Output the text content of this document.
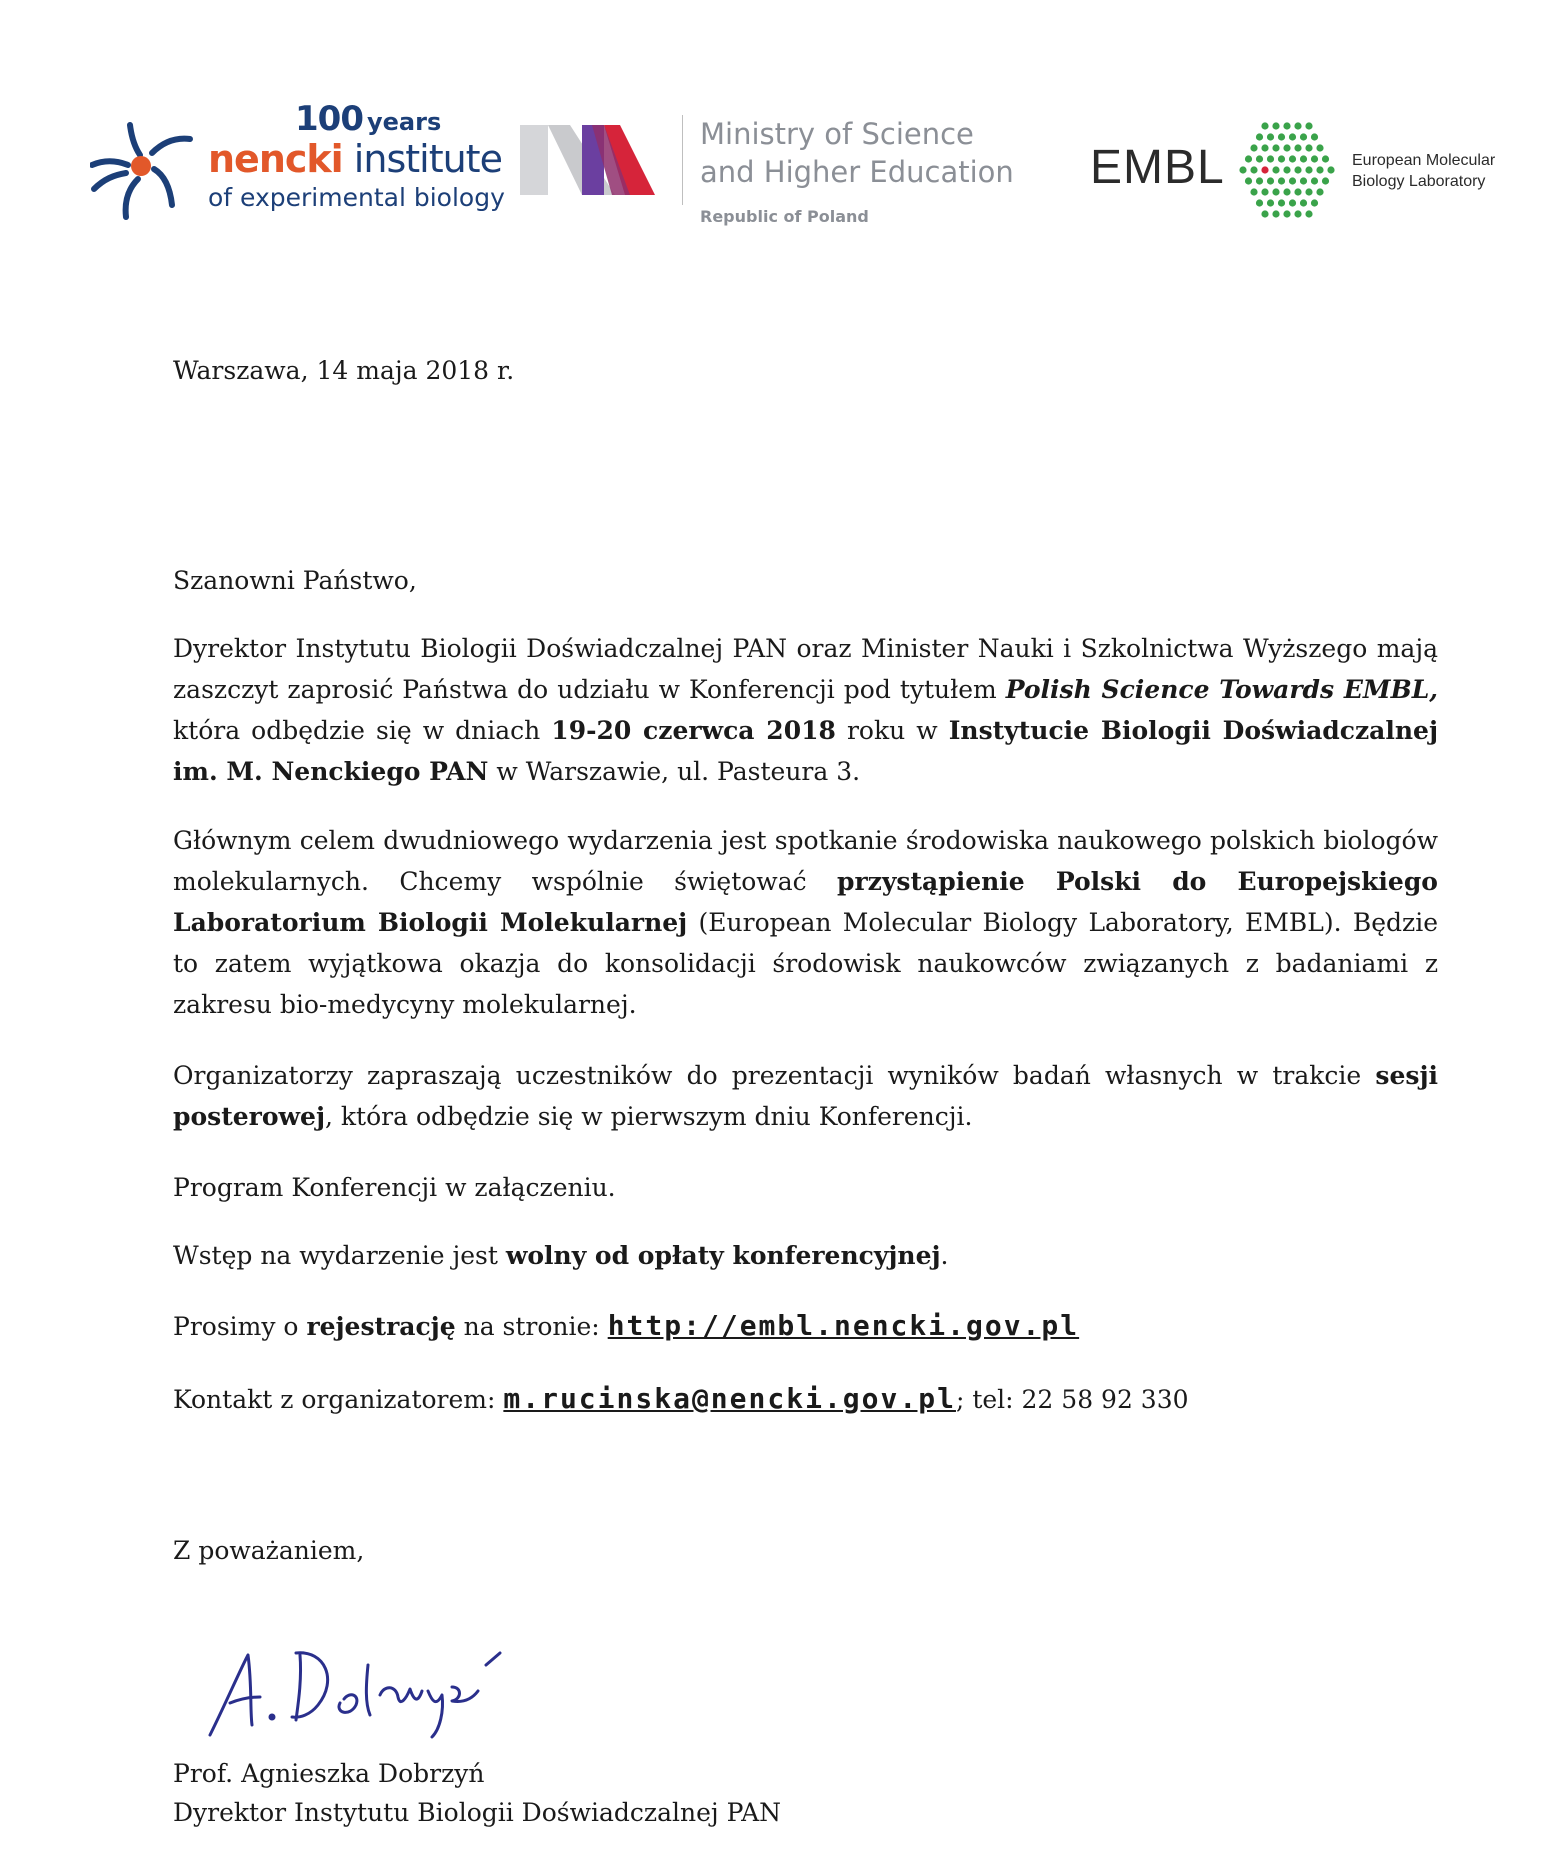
100 years
nencki institute
of experimental biology
Ministry of Science
and Higher Education
Republic of Poland
EMBL	European Molecular
Biology Laboratory
Warszawa, 14 maja 2018 r.
Szanowni Państwo,

Dyrektor Instytutu Biologii Doświadczalnej PAN oraz Minister Nauki i Szkolnictwa Wyższego mają zaszczyt zaprosić Państwa do udziału w Konferencji pod tytułem Polish Science Towards EMBL, która odbędzie się w dniach 19-20 czerwca 2018 roku w Instytucie Biologii Doświadczalnej im. M. Nenckiego PAN w Warszawie, ul. Pasteura 3.

Głównym celem dwudniowego wydarzenia jest spotkanie środowiska naukowego polskich biologów molekularnych. Chcemy wspólnie świętować przystąpienie Polski do Europejskiego Laboratorium Biologii Molekularnej (European Molecular Biology Laboratory, EMBL). Będzie to zatem wyjątkowa okazja do konsolidacji środowisk naukowców związanych z badaniami z zakresu bio-medycyny molekularnej.

Organizatorzy zapraszają uczestników do prezentacji wyników badań własnych w trakcie sesji posterowej, która odbędzie się w pierwszym dniu Konferencji.

Program Konferencji w załączeniu.

Wstęp na wydarzenie jest wolny od opłaty konferencyjnej.

Prosimy o rejestrację na stronie: http://embl.nencki.gov.pl

Kontakt z organizatorem: m.rucinska@nencki.gov.pl; tel: 22 58 92 330

Z poważaniem,
Prof. Agnieszka Dobrzyń
Dyrektor Instytutu Biologii Doświadczalnej PAN
